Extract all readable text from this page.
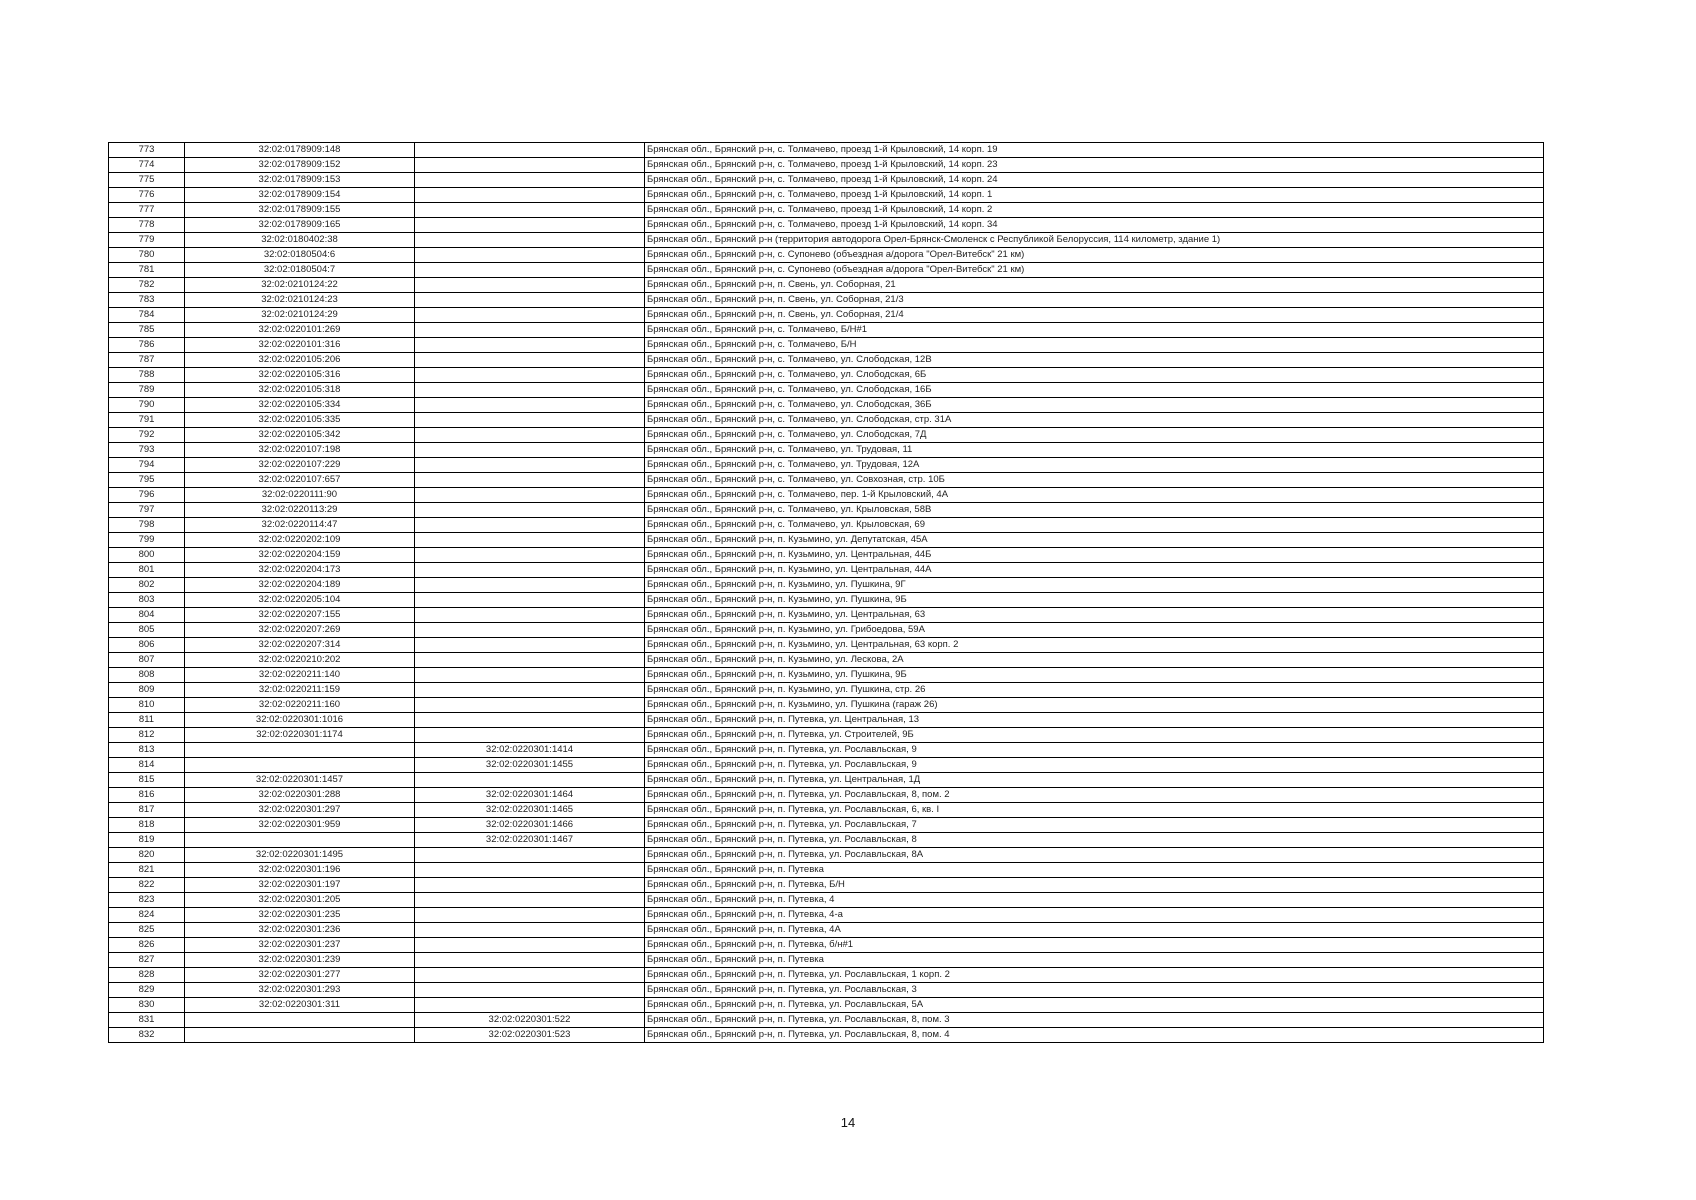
773	32:02:0178909:148		Брянская обл., Брянский р-н, с. Толмачево, проезд 1-й Крыловский, 14 корп. 19
774	32:02:0178909:152		Брянская обл., Брянский р-н, с. Толмачево, проезд 1-й Крыловский, 14 корп. 23
775	32:02:0178909:153		Брянская обл., Брянский р-н, с. Толмачево, проезд 1-й Крыловский, 14 корп. 24
776	32:02:0178909:154		Брянская обл., Брянский р-н, с. Толмачево, проезд 1-й Крыловский, 14 корп. 1
777	32:02:0178909:155		Брянская обл., Брянский р-н, с. Толмачево, проезд 1-й Крыловский, 14 корп. 2
778	32:02:0178909:165		Брянская обл., Брянский р-н, с. Толмачево, проезд 1-й Крыловский, 14 корп. 34
779	32:02:0180402:38		Брянская обл., Брянский р-н (территория автодорога Орел-Брянск-Смоленск с Республикой Белоруссия, 114 километр, здание 1)
780	32:02:0180504:6		Брянская обл., Брянский р-н, с. Супонево (объездная а/дорога "Орел-Витебск" 21 км)
781	32:02:0180504:7		Брянская обл., Брянский р-н, с. Супонево (объездная а/дорога "Орел-Витебск" 21 км)
782	32:02:0210124:22		Брянская обл., Брянский р-н, п. Свень, ул. Соборная, 21
783	32:02:0210124:23		Брянская обл., Брянский р-н, п. Свень, ул. Соборная, 21/3
784	32:02:0210124:29		Брянская обл., Брянский р-н, п. Свень, ул. Соборная, 21/4
785	32:02:0220101:269		Брянская обл., Брянский р-н, с. Толмачево, Б/Н#1
786	32:02:0220101:316		Брянская обл., Брянский р-н, с. Толмачево, Б/Н
787	32:02:0220105:206		Брянская обл., Брянский р-н, с. Толмачево, ул. Слободская, 12В
788	32:02:0220105:316		Брянская обл., Брянский р-н, с. Толмачево, ул. Слободская, 6Б
789	32:02:0220105:318		Брянская обл., Брянский р-н, с. Толмачево, ул. Слободская, 16Б
790	32:02:0220105:334		Брянская обл., Брянский р-н, с. Толмачево, ул. Слободская, 36Б
791	32:02:0220105:335		Брянская обл., Брянский р-н, с. Толмачево, ул. Слободская, стр. 31А
792	32:02:0220105:342		Брянская обл., Брянский р-н, с. Толмачево, ул. Слободская, 7Д
793	32:02:0220107:198		Брянская обл., Брянский р-н, с. Толмачево, ул. Трудовая, 11
794	32:02:0220107:229		Брянская обл., Брянский р-н, с. Толмачево, ул. Трудовая, 12А
795	32:02:0220107:657		Брянская обл., Брянский р-н, с. Толмачево, ул. Совхозная, стр. 10Б
796	32:02:0220111:90		Брянская обл., Брянский р-н, с. Толмачево, пер. 1-й Крыловский, 4А
797	32:02:0220113:29		Брянская обл., Брянский р-н, с. Толмачево, ул. Крыловская, 58В
798	32:02:0220114:47		Брянская обл., Брянский р-н, с. Толмачево, ул. Крыловская, 69
799	32:02:0220202:109		Брянская обл., Брянский р-н, п. Кузьмино, ул. Депутатская, 45А
800	32:02:0220204:159		Брянская обл., Брянский р-н, п. Кузьмино, ул. Центральная, 44Б
801	32:02:0220204:173		Брянская обл., Брянский р-н, п. Кузьмино, ул. Центральная, 44А
802	32:02:0220204:189		Брянская обл., Брянский р-н, п. Кузьмино, ул. Пушкина, 9Г
803	32:02:0220205:104		Брянская обл., Брянский р-н, п. Кузьмино, ул. Пушкина, 9Б
804	32:02:0220207:155		Брянская обл., Брянский р-н, п. Кузьмино, ул. Центральная, 63
805	32:02:0220207:269		Брянская обл., Брянский р-н, п. Кузьмино, ул. Грибоедова, 59А
806	32:02:0220207:314		Брянская обл., Брянский р-н, п. Кузьмино, ул. Центральная, 63 корп. 2
807	32:02:0220210:202		Брянская обл., Брянский р-н, п. Кузьмино, ул. Лескова, 2А
808	32:02:0220211:140		Брянская обл., Брянский р-н, п. Кузьмино, ул. Пушкина, 9Б
809	32:02:0220211:159		Брянская обл., Брянский р-н, п. Кузьмино, ул. Пушкина, стр. 26
810	32:02:0220211:160		Брянская обл., Брянский р-н, п. Кузьмино, ул. Пушкина (гараж 26)
811	32:02:0220301:1016		Брянская обл., Брянский р-н, п. Путевка, ул. Центральная, 13
812	32:02:0220301:1174		Брянская обл., Брянский р-н, п. Путевка, ул. Строителей, 9Б
813		32:02:0220301:1414	Брянская обл., Брянский р-н, п. Путевка, ул. Рославльская, 9
814		32:02:0220301:1455	Брянская обл., Брянский р-н, п. Путевка, ул. Рославльская, 9
815	32:02:0220301:1457		Брянская обл., Брянский р-н, п. Путевка, ул. Центральная, 1Д
816	32:02:0220301:288	32:02:0220301:1464	Брянская обл., Брянский р-н, п. Путевка, ул. Рославльская, 8, пом. 2
817	32:02:0220301:297	32:02:0220301:1465	Брянская обл., Брянский р-н, п. Путевка, ул. Рославльская, 6, кв. I
818	32:02:0220301:959	32:02:0220301:1466	Брянская обл., Брянский р-н, п. Путевка, ул. Рославльская, 7
819		32:02:0220301:1467	Брянская обл., Брянский р-н, п. Путевка, ул. Рославльская, 8
820	32:02:0220301:1495		Брянская обл., Брянский р-н, п. Путевка, ул. Рославльская, 8А
821	32:02:0220301:196		Брянская обл., Брянский р-н, п. Путевка
822	32:02:0220301:197		Брянская обл., Брянский р-н, п. Путевка, Б/Н
823	32:02:0220301:205		Брянская обл., Брянский р-н, п. Путевка, 4
824	32:02:0220301:235		Брянская обл., Брянский р-н, п. Путевка, 4-а
825	32:02:0220301:236		Брянская обл., Брянский р-н, п. Путевка, 4А
826	32:02:0220301:237		Брянская обл., Брянский р-н, п. Путевка, б/н#1
827	32:02:0220301:239		Брянская обл., Брянский р-н, п. Путевка
828	32:02:0220301:277		Брянская обл., Брянский р-н, п. Путевка, ул. Рославльская, 1 корп. 2
829	32:02:0220301:293		Брянская обл., Брянский р-н, п. Путевка, ул. Рославльская, 3
830	32:02:0220301:311		Брянская обл., Брянский р-н, п. Путевка, ул. Рославльская, 5А
831		32:02:0220301:522	Брянская обл., Брянский р-н, п. Путевка, ул. Рославльская, 8, пом. 3
832		32:02:0220301:523	Брянская обл., Брянский р-н, п. Путевка, ул. Рославльская, 8, пом. 4
14
